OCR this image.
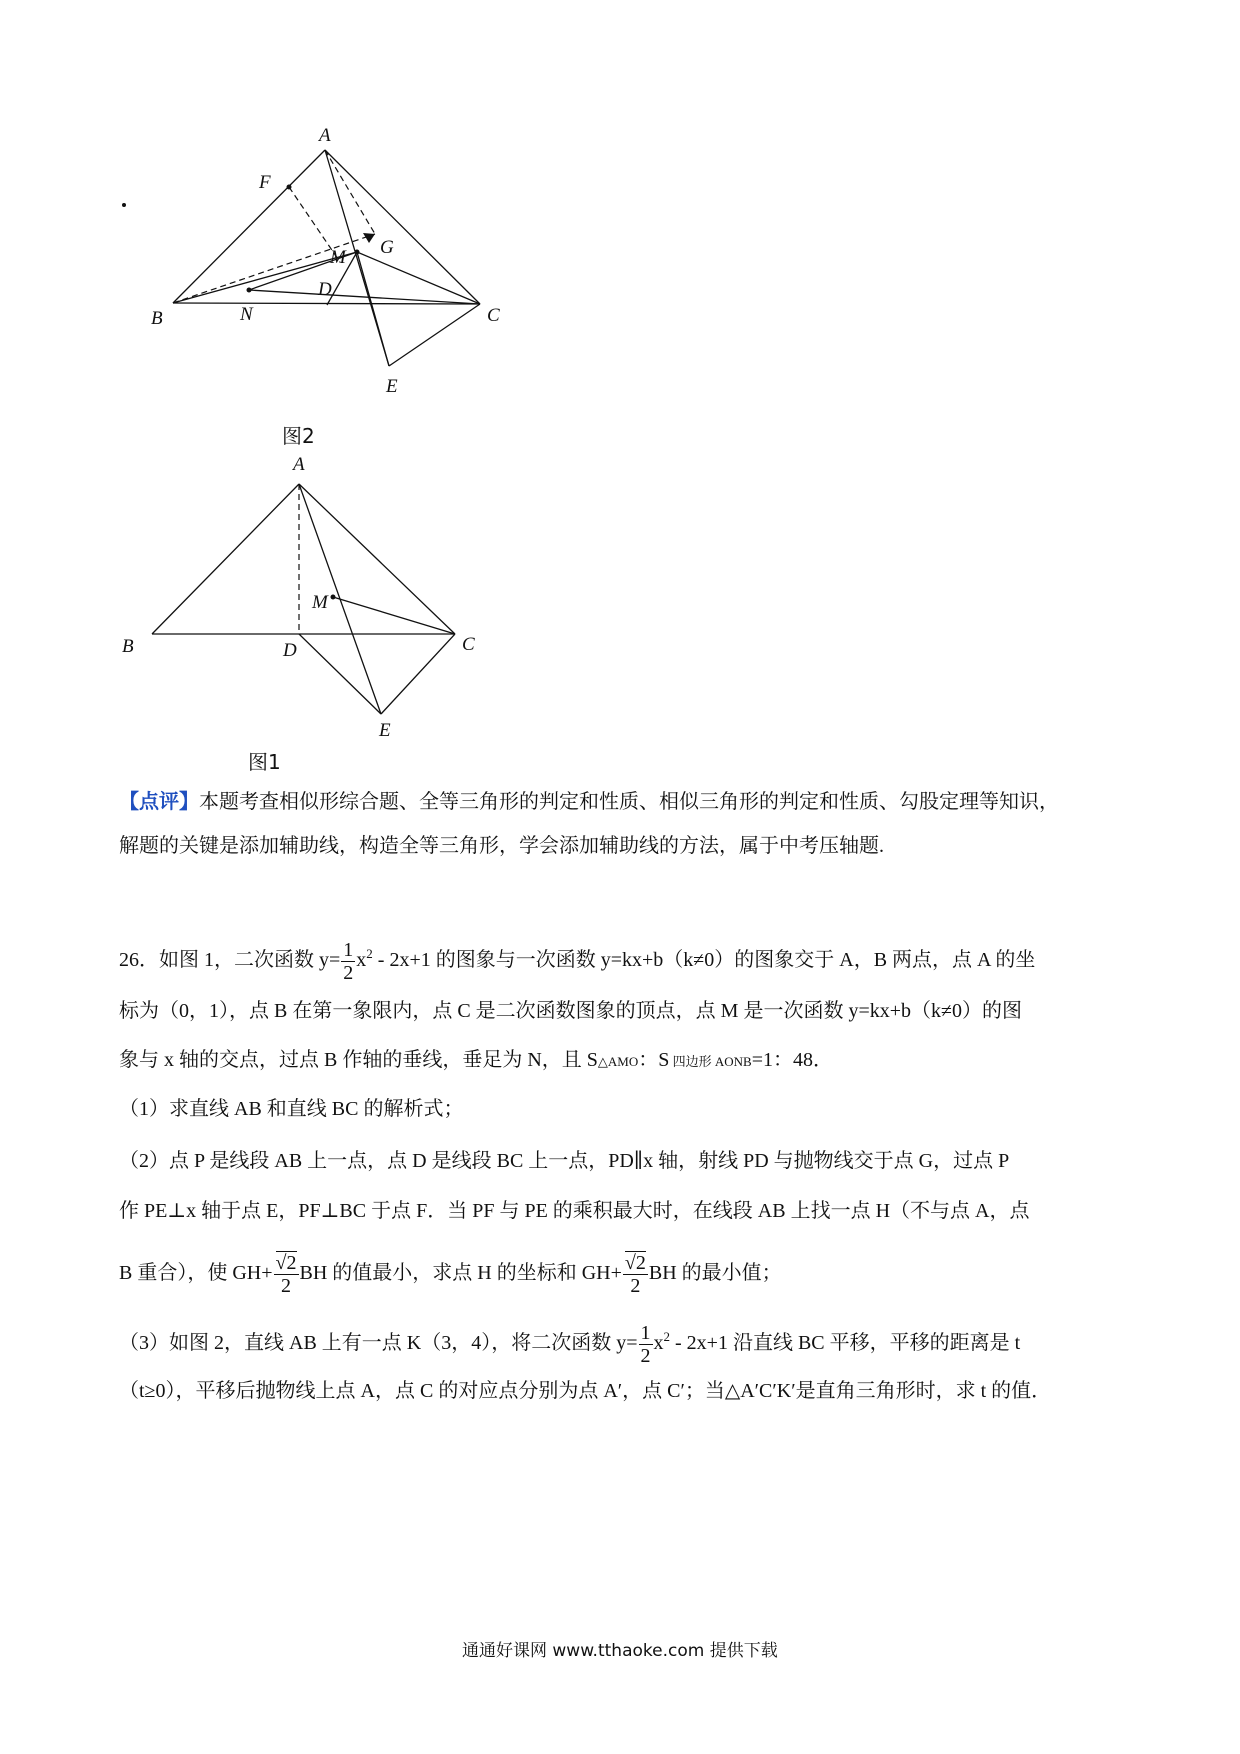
A
F
G
M
D
B	N	C
E
图2
A
M
B	D	C
E
图1
【点评】本题考查相似形综合题、全等三角形的判定和性质、相似三角形的判定和性质、勾股定理等知识，
解题的关键是添加辅助线，构造全等三角形，学会添加辅助线的方法，属于中考压轴题.
26．如图 1，二次函数 $y= \frac{1}{2} x^2 - 2x+1$ 的图象与一次函数 y=kx+b（k≠0）的图象交于 A，B 两点，点 A 的坐
标为（0，1），点 B 在第一象限内，点 C 是二次函数图象的顶点，点 M 是一次函数 y=kx+b（k≠0）的图
象与 x 轴的交点，过点 B 作轴的垂线，垂足为 N，且 S△AMO：S 四边形 AONB=1：48．
（1）求直线 AB 和直线 BC 的解析式；
（2）点 P 是线段 AB 上一点，点 D 是线段 BC 上一点，PD∥x 轴，射线 PD 与抛物线交于点 G，过点 P
作 PE⊥x 轴于点 E，PF⊥BC 于点 F．当 PF 与 PE 的乘积最大时，在线段 AB 上找一点 H（不与点 A，点
B 重合），使 $GH+ \frac{√2}{2}$ BH 的值最小，求点 H 的坐标和 $GH+ \frac{√2}{2}$ BH 的最小值；
（3）如图 2，直线 AB 上有一点 K（3，4），将二次函数 $y= \frac{1}{2} x^2 - 2x+1$ 沿直线 BC 平移，平移的距离是 t
（t≥0），平移后抛物线上点 A，点 C 的对应点分别为点 A′，点 C′；当△A′C′K′是直角三角形时，求 t 的值．
通通好课网 www.tthaoke.com 提供下载
